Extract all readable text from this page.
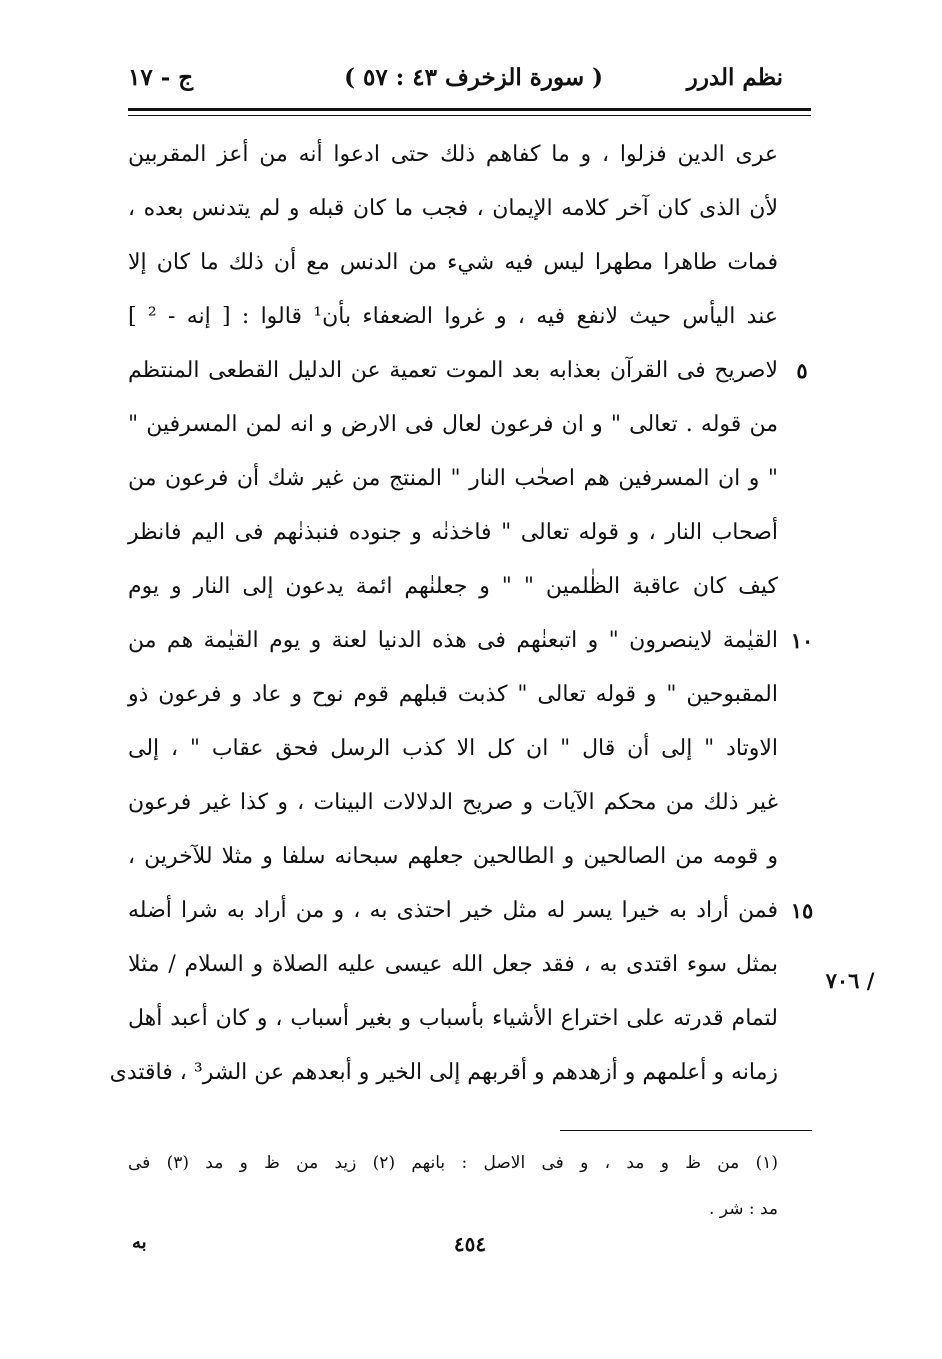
نظم الدرر
( سورة الزخرف ٤٣ : ٥٧ )
ج - ١٧
عرى الدين فزلوا ، و ما كفاهم ذلك حتى ادعوا أنه من أعز المقربين
لأن الذى كان آخر كلامه الإيمان ، فجب ما كان قبله و لم يتدنس بعده ،
فمات طاهرا مطهرا ليس فيه شيء من الدنس مع أن ذلك ما كان إلا
عند اليأس حيث لانفع فيه ، و غروا الضعفاء بأن¹ قالوا : [ إنه - ² ]
لاصريح فى القرآن بعذابه بعد الموت تعمية عن الدليل القطعى المنتظم
من قوله . تعالى " و ان فرعون لعال فى الارض و انه لمن المسرفين "
" و ان المسرفين هم اصحٰب النار " المنتج من غير شك أن فرعون من
أصحاب النار ، و قوله تعالى " فاخذنٰه و جنوده فنبذنٰهم فى اليم فانظر
كيف كان عاقبة الظٰلمين " " و جعلنٰهم ائمة يدعون إلى النار و يوم
القيٰمة لاينصرون " و اتبعنٰهم فى هذه الدنيا لعنة و يوم القيٰمة هم من
المقبوحين " و قوله تعالى " كذبت قبلهم قوم نوح و عاد و فرعون ذو
الاوتاد " إلى أن قال " ان كل الا كذب الرسل فحق عقاب " ، إلى
غير ذلك من محكم الآيات و صريح الدلالات البينات ، و كذا غير فرعون
و قومه من الصالحين و الطالحين جعلهم سبحانه سلفا و مثلا للآخرين ،
فمن أراد به خيرا يسر له مثل خير احتذى به ، و من أراد به شرا أضله
بمثل سوء اقتدى به ، فقد جعل الله عيسى عليه الصلاة و السلام / مثلا
لتمام قدرته على اختراع الأشياء بأسباب و بغير أسباب ، و كان أعبد أهل
زمانه و أعلمهم و أزهدهم و أقربهم إلى الخير و أبعدهم عن الشر³ ، فاقتدى
٥
١٠
١٥
٧٠٦ /
(١) من ظ و مد ، و فى الاصل : بانهم (٢) زيد من ظ و مد (٣) فى
مد : شر .
به	٤٥٤
